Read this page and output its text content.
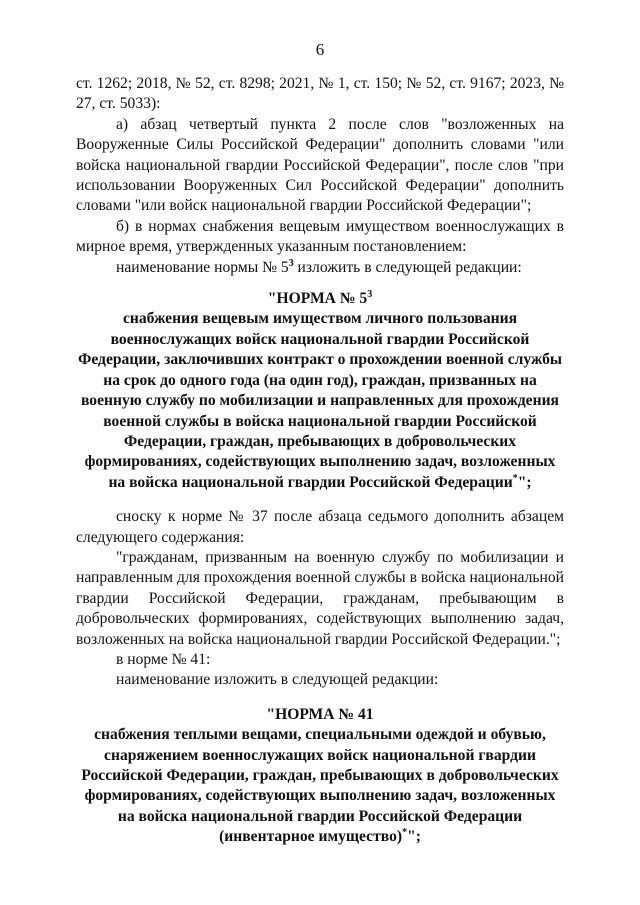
6

ст. 1262; 2018, № 52, ст. 8298; 2021, № 1, ст. 150; № 52, ст. 9167; 2023, № 27, ст. 5033):

а) абзац четвертый пункта 2 после слов "возложенных на Вооруженные Силы Российской Федерации" дополнить словами "или войска национальной гвардии Российской Федерации", после слов "при использовании Вооруженных Сил Российской Федерации" дополнить словами "или войск национальной гвардии Российской Федерации";

б) в нормах снабжения вещевым имуществом военнослужащих в мирное время, утвержденных указанным постановлением:

наименование нормы № $5^3$ изложить в следующей редакции:

"НОРМА № $5^3$

снабжения вещевым имуществом личного пользования военнослужащих войск национальной гвардии Российской Федерации, заключивших контракт о прохождении военной службы на срок до одного года (на один год), граждан, призванных на военную службу по мобилизации и направленных для прохождения военной службы в войска национальной гвардии Российской Федерации, граждан, пребывающих в добровольческих формированиях, содействующих выполнению задач, возложенных на войска национальной гвардии Российской Федерации*";

сноску к норме № 37 после абзаца седьмого дополнить абзацем следующего содержания:

"гражданам, призванным на военную службу по мобилизации и направленным для прохождения военной службы в войска национальной гвардии Российской Федерации, гражданам, пребывающим в добровольческих формированиях, содействующих выполнению задач, возложенных на войска национальной гвардии Российской Федерации.";

в норме № 41:

наименование изложить в следующей редакции:

"НОРМА № 41

снабжения теплыми вещами, специальными одеждой и обувью, снаряжением военнослужащих войск национальной гвардии Российской Федерации, граждан, пребывающих в добровольческих формированиях, содействующих выполнению задач, возложенных на войска национальной гвардии Российской Федерации (инвентарное имущество)*";
